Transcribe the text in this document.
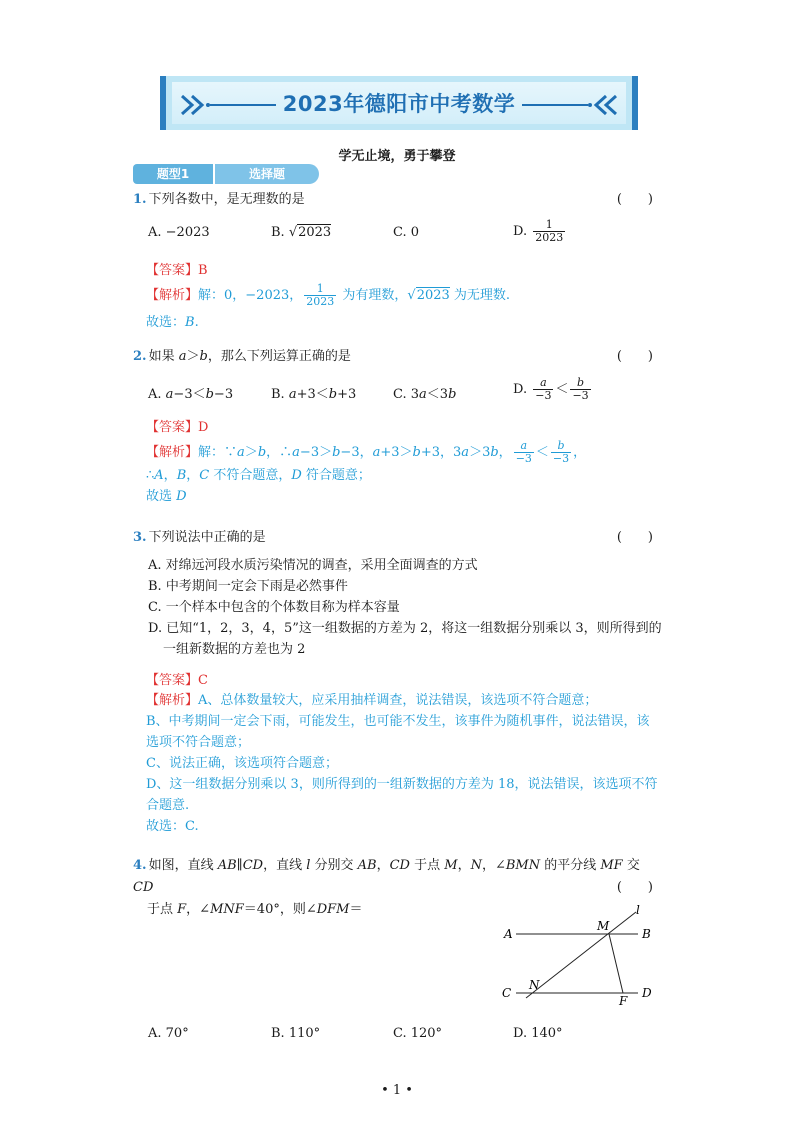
2023年德阳市中考数学
学无止境，勇于攀登
题型1	选择题
1. 下列各数中，是无理数的是	(　　)
A. −2023	B. √2023	C. 0	D. $\frac{1}{2023}$
【答案】B
【解析】解：0，−2023， $\frac{1}{2023}$ 为有理数，√2023 为无理数.
故选：B.
2. 如果 a＞b，那么下列运算正确的是	(　　)
A. a−3＜b−3	B. a+3＜b+3	C. 3a＜3b	D. $\frac{a}{-3} < \frac{b}{-3}$
【答案】D
【解析】解：∵a＞b，∴a−3＞b−3，a+3＞b+3，3a＞3b， $\frac{a}{-3} < \frac{b}{-3}$ ，
∴A，B，C 不符合题意，D 符合题意；
故选 D
3. 下列说法中正确的是	(　　)
A. 对绵远河段水质污染情况的调查，采用全面调查的方式
B. 中考期间一定会下雨是必然事件
C. 一个样本中包含的个体数目称为样本容量
D. 已知“1，2，3，4，5”这一组数据的方差为 2，将这一组数据分别乘以 3，则所得到的
一组新数据的方差也为 2
【答案】C
【解析】A、总体数量较大，应采用抽样调查，说法错误，该选项不符合题意；
B、中考期间一定会下雨，可能发生，也可能不发生，该事件为随机事件，说法错误，该
选项不符合题意；
C、说法正确，该选项符合题意；
D、这一组数据分别乘以 3，则所得到的一组新数据的方差为 18，说法错误，该选项不符
合题意.
故选：C.
4. 如图，直线 AB∥CD，直线 l 分别交 AB，CD 于点 M，N，∠BMN 的平分线 MF 交 CD
于点 F，∠MNF＝40°，则∠DFM＝
(　　)
A	B
C	D
M
N
F
l
A. 70°	B. 110°	C. 120°	D. 140°
• 1 •
